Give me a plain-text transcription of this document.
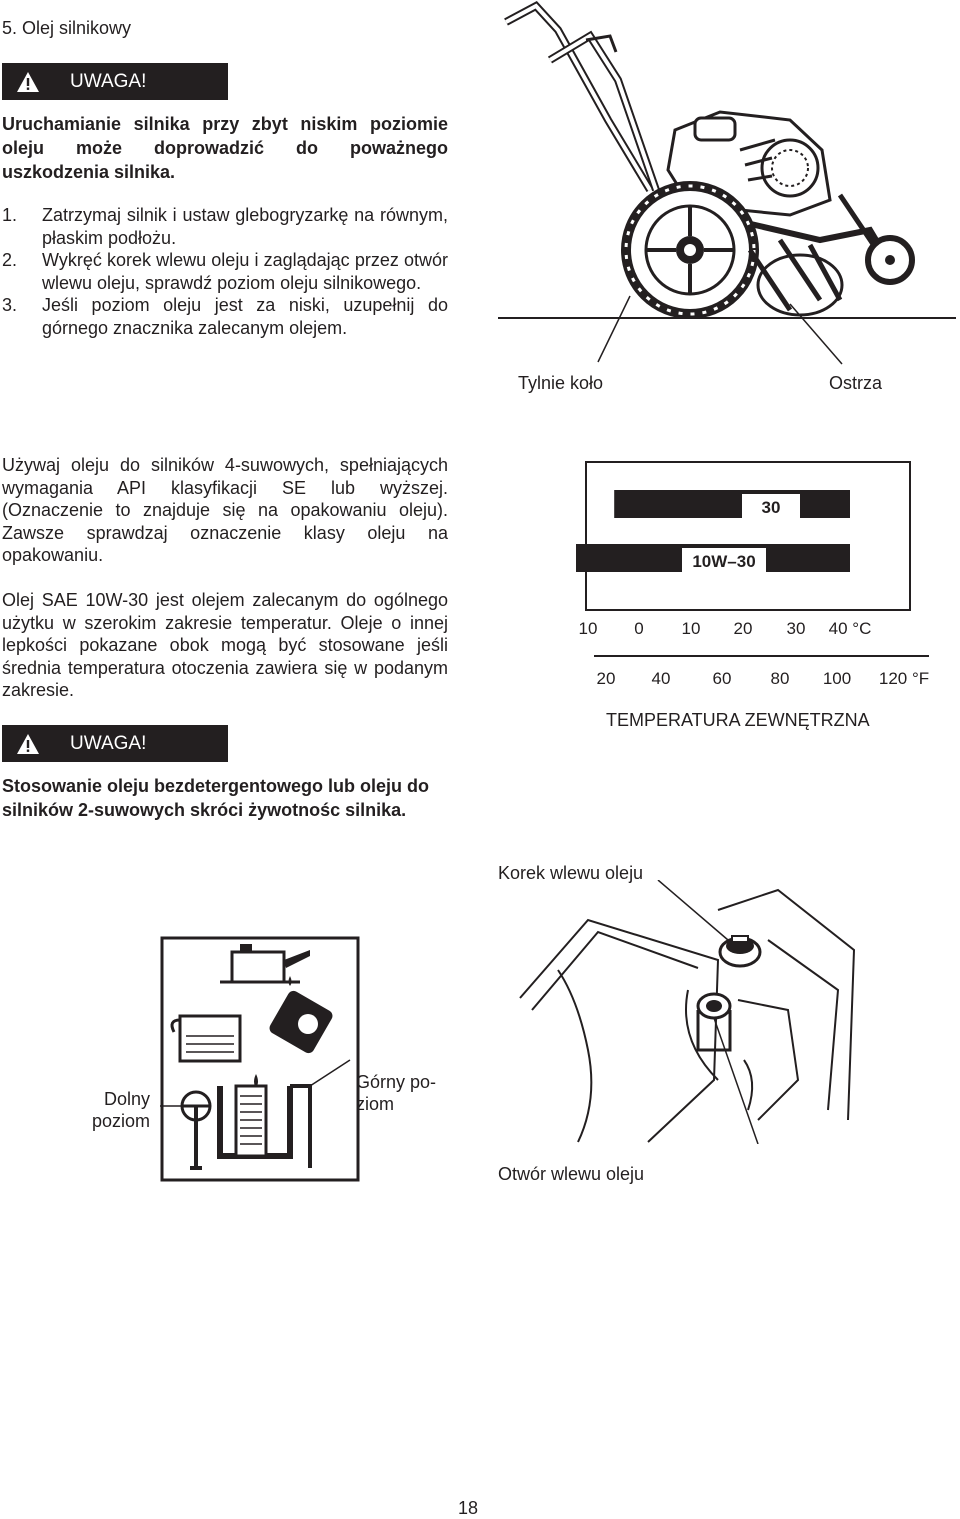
5. Olej silnikowy
UWAGA!
Uruchamianie silnika przy zbyt niskim poziomie oleju może doprowadzić do poważnego uszkodzenia silnika.
1. Zatrzymaj silnik i ustaw glebogryzarkę na równym, płaskim podłożu.
2. Wykręć korek wlewu oleju i zaglądając przez otwór wlewu oleju, sprawdź poziom oleju silnikowego.
3. Jeśli poziom oleju jest za niski, uzupełnij do górnego znacznika zalecanym olejem.
Tylnie koło	Ostrza

Używaj oleju do silników 4-suwowych, spełniających wymagania API klasyfikacji SE lub wyższej. (Oznaczenie to znajduje się na opakowaniu oleju). Zawsze sprawdzaj oznaczenie klasy oleju na opakowaniu.

Olej SAE 10W-30 jest olejem zalecanym do ogólnego użytku w szerokim zakresie temperatur. Oleje o innej lepkości pokazane obok mogą być stosowane jeśli średnia temperatura otoczenia zawiera się w podanym zakresie.

30
10W–30
10 0 10 20 30 40 °C
20 40 60 80 100 120 °F
TEMPERATURA ZEWNĘTRZNA
UWAGA!
Stosowanie oleju bezdetergentowego lub oleju do silników 2-suwowych skróci żywotnośc silnika.
Dolny
poziom
Górny po-
ziom
Korek wlewu oleju
Otwór wlewu oleju
18
